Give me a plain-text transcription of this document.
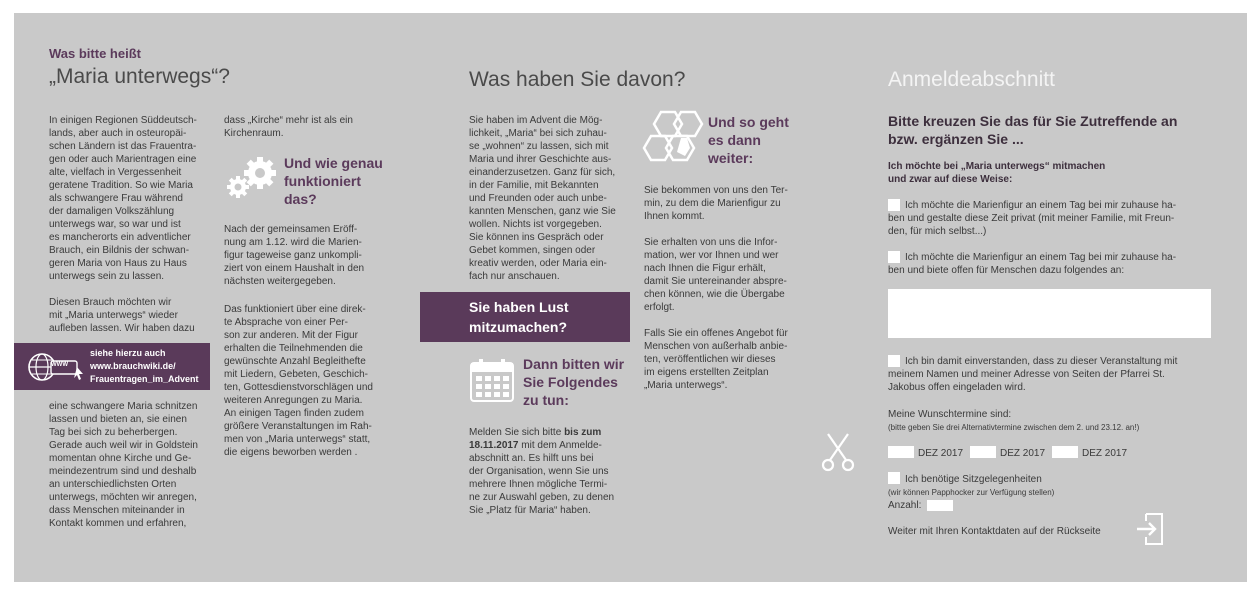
Was bitte heißt
„Maria unterwegs“?
In einigen Regionen Süddeutsch-
lands, aber auch in osteuropäi-
schen Ländern ist das Frauentra-
gen oder auch Marientragen eine
alte, vielfach in Vergessenheit
geratene Tradition. So wie Maria
als schwangere Frau während
der damaligen Volkszählung
unterwegs war, so war und ist
es mancherorts ein adventlicher
Brauch, ein Bildnis der schwan-
geren Maria von Haus zu Haus
unterwegs sein zu lassen.
Diesen Brauch möchten wir
mit „Maria unterwegs“ wieder
aufleben lassen. Wir haben dazu
WWW
siehe hierzu auch
www.brauchwiki.de/
Frauentragen_im_Advent
eine schwangere Maria schnitzen
lassen und bieten an, sie einen
Tag bei sich zu beherbergen.
Gerade auch weil wir in Goldstein
momentan ohne Kirche und Ge-
meindezentrum sind und deshalb
an unterschiedlichsten Orten
unterwegs, möchten wir anregen,
dass Menschen miteinander in
Kontakt kommen und erfahren,
dass „Kirche“ mehr ist als ein
Kirchenraum.
Und wie genau
funktioniert
das?
Nach der gemeinsamen Eröff-
nung am 1.12. wird die Marien-
figur tageweise ganz unkompli-
ziert von einem Haushalt in den
nächsten weitergegeben.
Das funktioniert über eine direk-
te Absprache von einer Per-
son zur anderen. Mit der Figur
erhalten die Teilnehmenden die
gewünschte Anzahl Begleithefte
mit Liedern, Gebeten, Geschich-
ten, Gottesdienstvorschlägen und
weiteren Anregungen zu Maria.
An einigen Tagen finden zudem
größere Veranstaltungen im Rah-
men von „Maria unterwegs“ statt,
die eigens beworben werden .
Was haben Sie davon?
Sie haben im Advent die Mög-
lichkeit, „Maria“ bei sich zuhau-
se „wohnen“ zu lassen, sich mit
Maria und ihrer Geschichte aus-
einanderzusetzen. Ganz für sich,
in der Familie, mit Bekannten
und Freunden oder auch unbe-
kannten Menschen, ganz wie Sie
wollen. Nichts ist vorgegeben.
Sie können ins Gespräch oder
Gebet kommen, singen oder
kreativ werden, oder Maria ein-
fach nur anschauen.
Sie haben Lust
mitzumachen?
Dann bitten wir
Sie Folgendes
zu tun:
Melden Sie sich bitte bis zum
18.11.2017 mit dem Anmelde-
abschnitt an. Es hilft uns bei
der Organisation, wenn Sie uns
mehrere Ihnen mögliche Termi-
ne zur Auswahl geben, zu denen
Sie „Platz für Maria“ haben.
Und so geht
es dann
weiter:
Sie bekommen von uns den Ter-
min, zu dem die Marienfigur zu
Ihnen kommt.
Sie erhalten von uns die Infor-
mation, wer vor Ihnen und wer
nach Ihnen die Figur erhält,
damit Sie untereinander abspre-
chen können, wie die Übergabe
erfolgt.
Falls Sie ein offenes Angebot für
Menschen von außerhalb anbie-
ten, veröffentlichen wir dieses
im eigens erstellten Zeitplan
„Maria unterwegs“.
Anmeldeabschnitt
Bitte kreuzen Sie das für Sie Zutreffende an
bzw. ergänzen Sie ...
Ich möchte bei „Maria unterwegs“ mitmachen
und zwar auf diese Weise:
Ich möchte die Marienfigur an einem Tag bei mir zuhause ha-
ben und gestalte diese Zeit privat (mit meiner Familie, mit Freun-
den, für mich selbst...)
Ich möchte die Marienfigur an einem Tag bei mir zuhause ha-
ben und biete offen für Menschen dazu folgendes an:
Ich bin damit einverstanden, dass zu dieser Veranstaltung mit
meinem Namen und meiner Adresse von Seiten der Pfarrei St.
Jakobus offen eingeladen wird.
Meine Wunschtermine sind:
(bitte geben Sie drei Alternativtermine zwischen dem 2. und 23.12. an!)
DEZ 2017	DEZ 2017	DEZ 2017
Ich benötige Sitzgelegenheiten
(wir können Papphocker zur Verfügung stellen)
Anzahl:
Weiter mit Ihren Kontaktdaten auf der Rückseite
